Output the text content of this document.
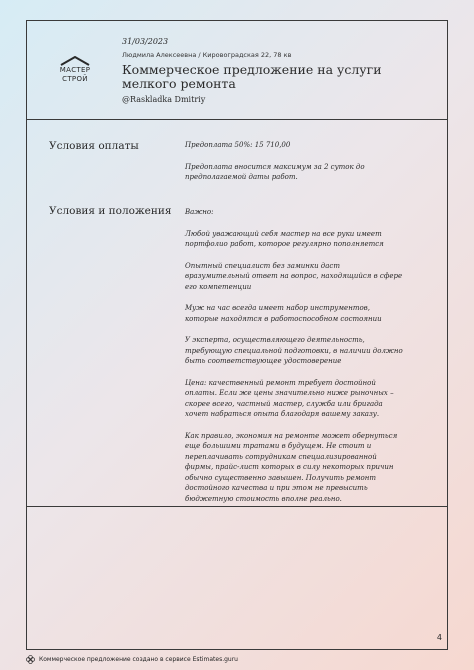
МАСТЕР
СТРОЙ
31/03/2023
Людмила Алексеевна / Кировоградская 22, 78 кв
Коммерческое предложение на услуги мелкого ремонта
@Raskladka Dmitriy
Условия оплаты	Предоплата 50%: 15 710,00

Предоплата вносится максимум за 2 суток до предполагаемой даты работ.

Условия и положения Важно:

Любой уважающий себя мастер на все руки имеет портфолио работ, которое регулярно пополняется

Опытный специалист без заминки даст вразумительный ответ на вопрос, находящийся в сфере его компетенции

Муж на час всегда имеет набор инструментов, которые находятся в работоспособном состоянии

У эксперта, осуществляющего деятельность, требующую специальной подготовки, в наличии должно быть соответствующее удостоверение

Цена: качественный ремонт требует достойной оплаты. Если же цены значительно ниже рыночных – скорее всего, частный мастер, служба или бригада хочет набраться опыта благодаря вашему заказу.

Как правило, экономия на ремонте может обернуться еще большими тратами в будущем. Не стоит и переплачивать сотрудникам специализированной фирмы, прайс-лист которых в силу некоторых причин обычно существенно завышен. Получить ремонт достойного качества и при этом не превысить бюджетную стоимость вполне реально.

4
Коммерческое предложение создано в сервисе Estimates.guru
